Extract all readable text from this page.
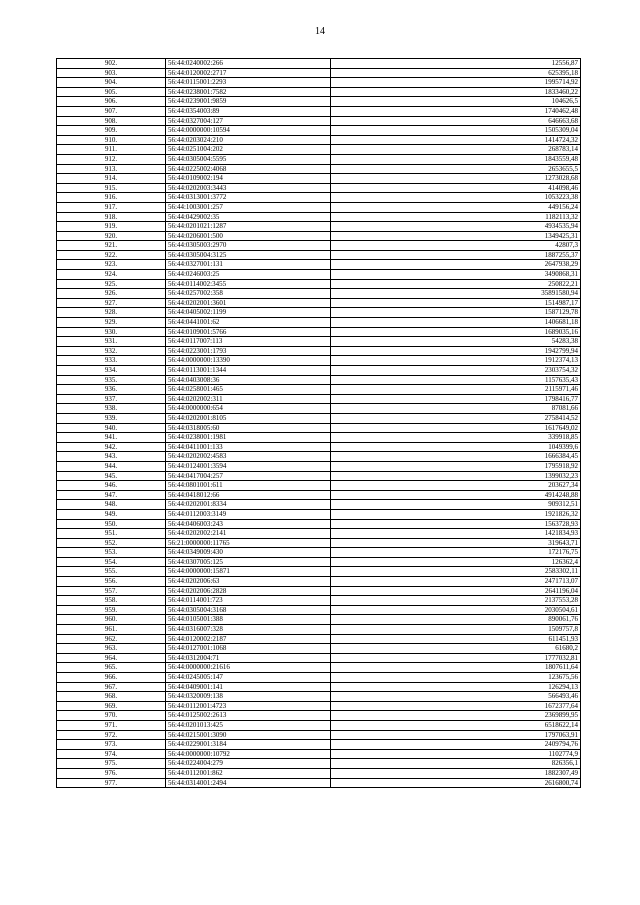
14
902.	56:44:0240002:266	12556,87
903.	56:44:0120002:2717	625395,18
904.	56:44:0115001:2293	1995714,92
905.	56:44:0238001:7582	1833460,22
906.	56:44:0239001:9859	104626,5
907.	56:44:0354003:89	1740462,48
908.	56:44:0327004:127	646663,68
909.	56:44:0000000:10594	1505309,04
910.	56:44:0203024:210	1414724,32
911.	56:44:0251004:202	268783,14
912.	56:44:0305004:5595	1843559,48
913.	56:44:0225002:4068	2653655,5
914.	56:44:0109002:194	1273028,68
915.	56:44:0202003:3443	414098,46
916.	56:44:0313001:3772	1053223,38
917.	56:44:1003001:257	449156,24
918.	56:44:0429002:35	1182113,32
919.	56:44:0201021:1287	4934535,94
920.	56:44:0206001:500	1349425,31
921.	56:44:0305003:2970	42807,3
922.	56:44:0305004:3125	1887255,37
923.	56:44:0327001:131	2647938,29
924.	56:44:0246003:25	3490868,31
925.	56:44:0114002:3455	250822,21
926.	56:44:0257002:358	35891580,94
927.	56:44:0202001:3601	1514987,17
928.	56:44:0405002:1199	1587129,78
929.	56:44:0441001:62	1406681,18
930.	56:44:0109001:5766	1689035,16
931.	56:44:0117007:113	54283,38
932.	56:44:0223001:1793	1942799,94
933.	56:44:0000000:13390	1912374,13
934.	56:44:0113001:1344	2303754,32
935.	56:44:0403008:36	1157635,43
936.	56:44:0258001:465	2115971,46
937.	56:44:0202002:311	1798416,77
938.	56:44:0000000:654	87081,66
939.	56:44:0202001:8105	2758414,52
940.	56:44:0318005:60	1617649,02
941.	56:44:0238001:1981	339918,85
942.	56:44:0411001:133	1049399,6
943.	56:44:0202002:4583	1666384,45
944.	56:44:0124001:3594	1795918,92
945.	56:44:0417004:257	1399032,23
946.	56:44:0801001:611	203627,34
947.	56:44:0418012:66	4914248,88
948.	56:44:0202001:8334	909312,51
949.	56:44:0112003:3149	1921826,32
950.	56:44:0406003:243	1563728,93
951.	56:44:0202002:2141	1421834,93
952.	56:21:0000000:11765	319643,71
953.	56:44:0349009:430	172176,75
954.	56:44:0307005:125	126362,4
955.	56:44:0000000:15871	2583302,11
956.	56:44:0202006:63	2471713,07
957.	56:44:0202006:2828	2641196,04
958.	56:44:0114001:723	2137553,28
959.	56:44:0305004:3168	2030504,61
960.	56:44:0105001:388	890061,76
961.	56:44:0316007:328	1509757,8
962.	56:44:0120002:2187	611451,93
963.	56:44:0127001:1068	61680,2
964.	56:44:0312004:71	1777032,81
965.	56:44:0000000:21616	1807611,64
966.	56:44:0245005:147	123675,56
967.	56:44:0409001:141	126294,13
968.	56:44:0320009:138	566493,46
969.	56:44:0112001:4723	1672377,64
970.	56:44:0125002:2613	2369899,95
971.	56:44:0201013:425	6518622,14
972.	56:44:0215001:3090	1797063,91
973.	56:44:0229001:3184	2409794,76
974.	56:44:0000000:10792	1102774,9
975.	56:44:0224004:279	826356,1
976.	56:44:0112001:862	1882307,49
977.	56:44:0314001:2494	2616800,74
